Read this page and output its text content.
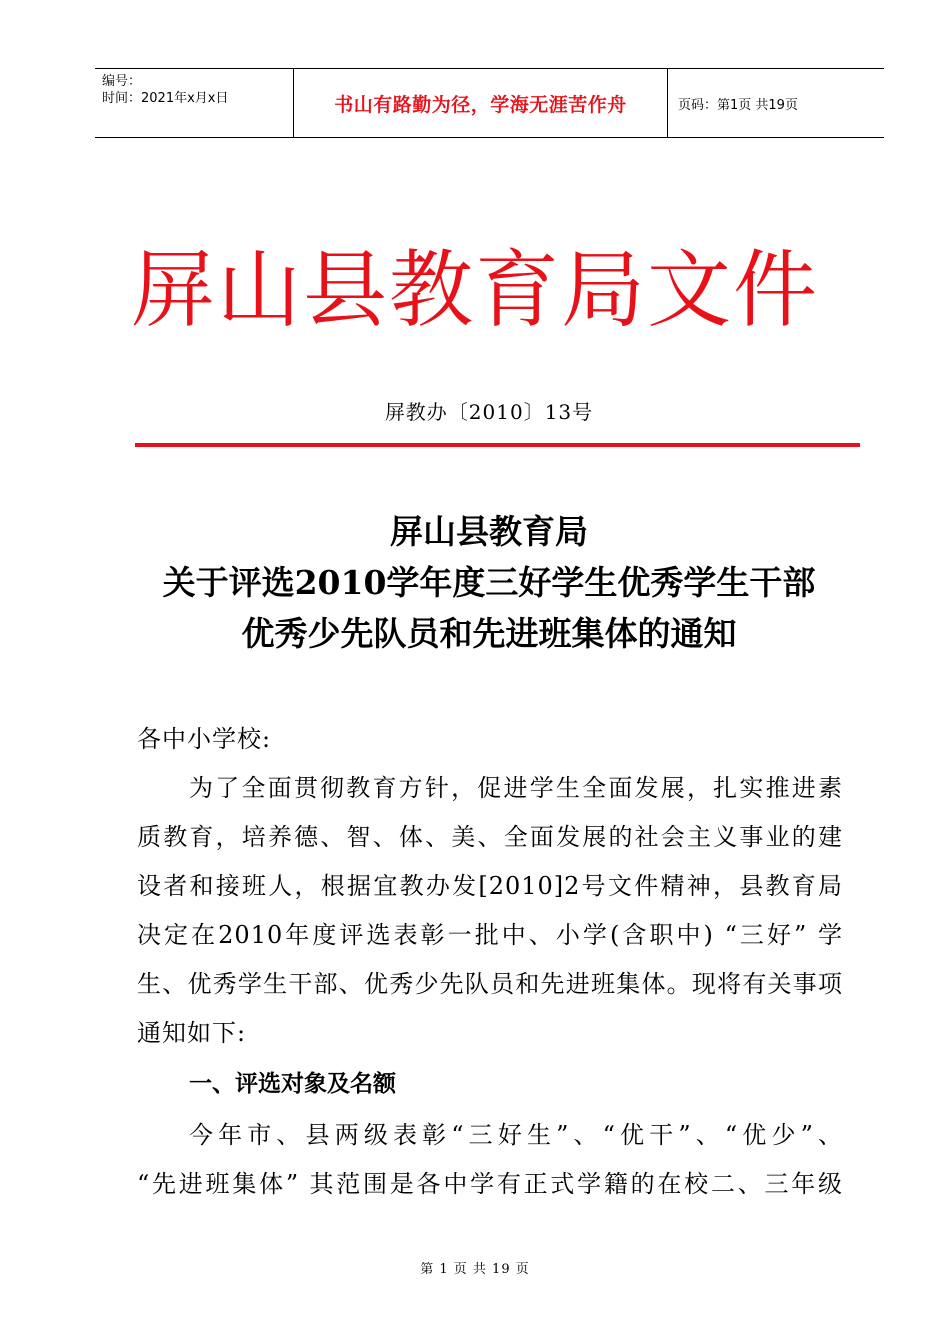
编号：
时间：2021年x月x日	书山有路勤为径，学海无涯苦作舟	页码：第1页 共19页
屏山县教育局文件
屏教办〔2010〕13号
屏山县教育局
关于评选2010学年度三好学生优秀学生干部
优秀少先队员和先进班集体的通知
各中小学校:
为了全面贯彻教育方针，促进学生全面发展，扎实推进素
质教育，培养德、智、体、美、全面发展的社会主义事业的建
设者和接班人，根据宜教办发[2010]2号文件精神，县教育局
决定在2010年度评选表彰一批中、小学(含职中) “三好” 学
生、优秀学生干部、优秀少先队员和先进班集体。现将有关事项
通知如下:
一、评选对象及名额
今年市、县两级表彰“三好生”、“优干”、“优少”、
“先进班集体” 其范围是各中学有正式学籍的在校二、三年级
第 1 页 共 19 页
